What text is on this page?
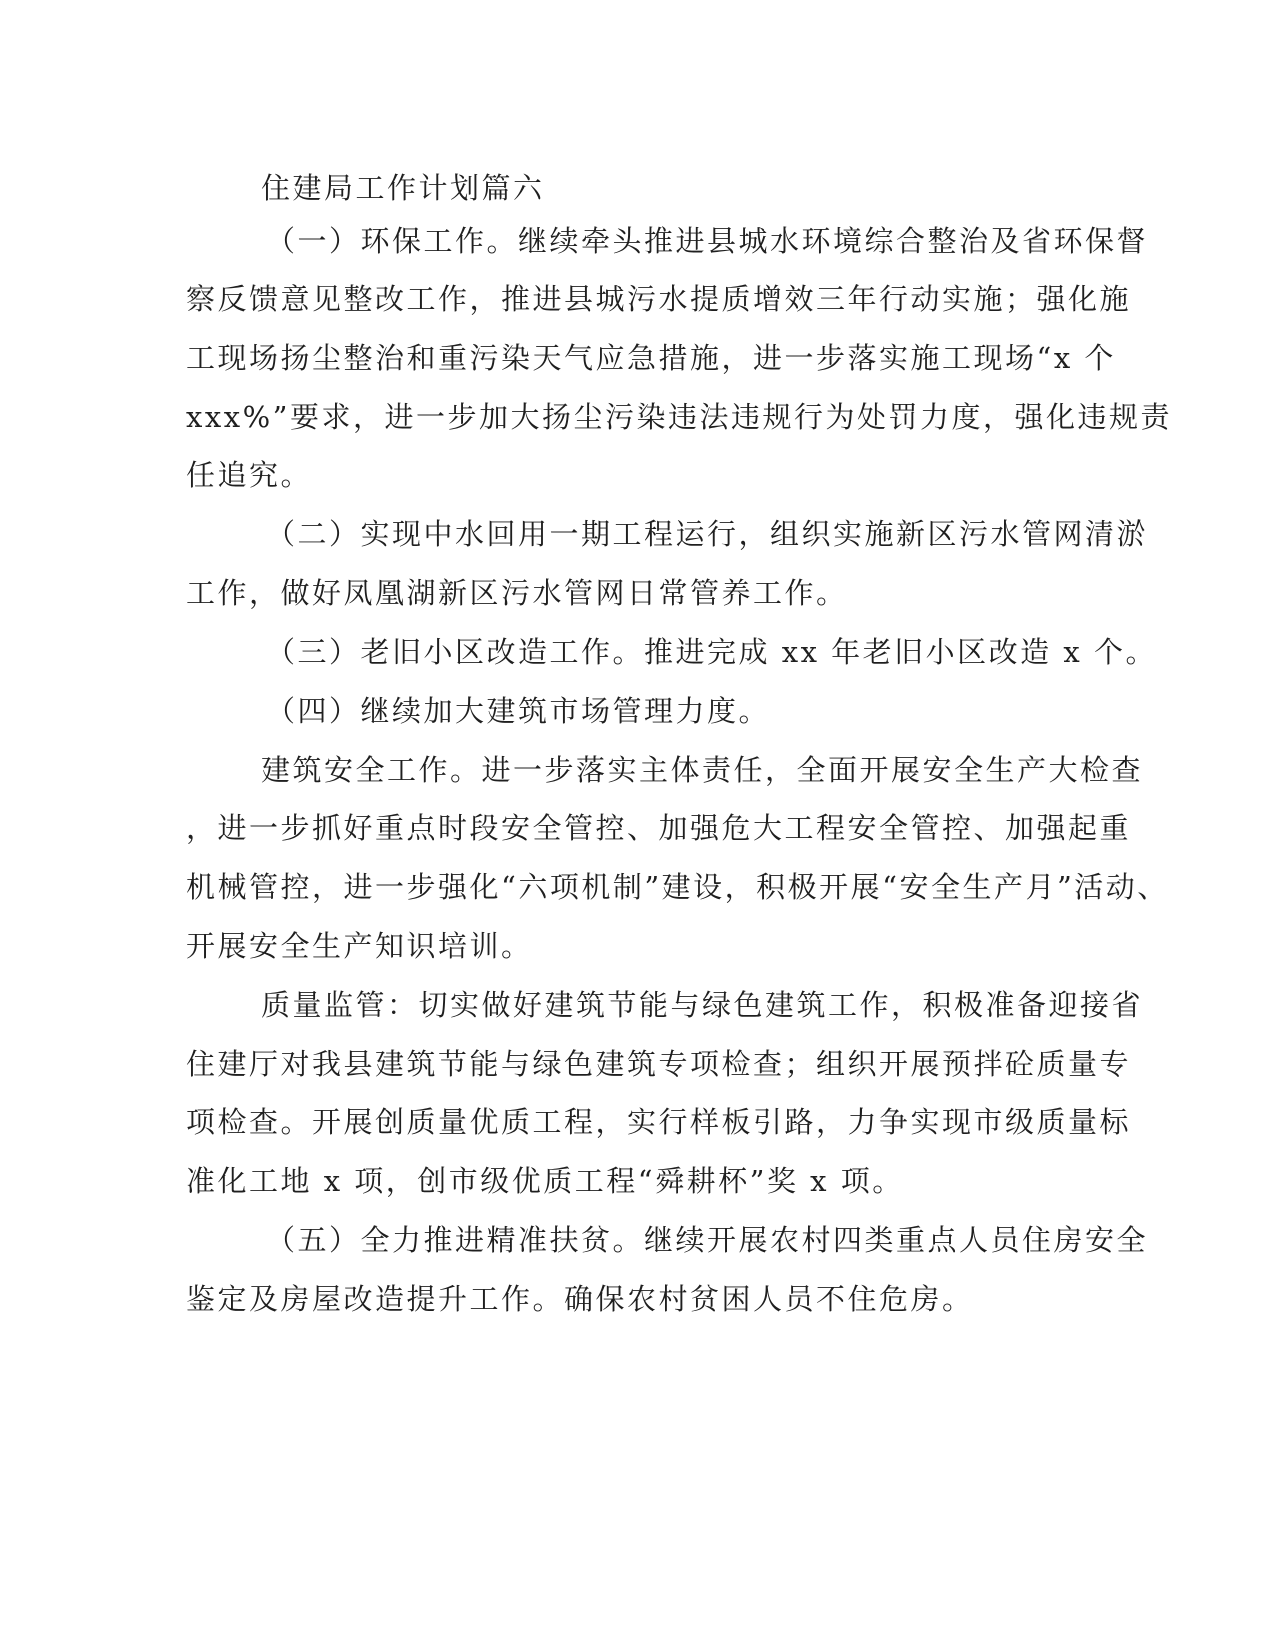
住建局工作计划篇六

（一）环保工作。继续牵头推进县城水环境综合整治及省环保督

察反馈意见整改工作，推进县城污水提质增效三年行动实施；强化施

工现场扬尘整治和重污染天气应急措施，进一步落实施工现场“x 个

xxx%”要求，进一步加大扬尘污染违法违规行为处罚力度，强化违规责

任追究。

（二）实现中水回用一期工程运行，组织实施新区污水管网清淤

工作，做好凤凰湖新区污水管网日常管养工作。

（三）老旧小区改造工作。推进完成 xx 年老旧小区改造 x 个。

（四）继续加大建筑市场管理力度。

建筑安全工作。进一步落实主体责任，全面开展安全生产大检查

，进一步抓好重点时段安全管控、加强危大工程安全管控、加强起重

机械管控，进一步强化“六项机制”建设，积极开展“安全生产月”活动、

开展安全生产知识培训。

质量监管：切实做好建筑节能与绿色建筑工作，积极准备迎接省

住建厅对我县建筑节能与绿色建筑专项检查；组织开展预拌砼质量专

项检查。开展创质量优质工程，实行样板引路，力争实现市级质量标

准化工地 x 项，创市级优质工程“舜耕杯”奖 x 项。

（五）全力推进精准扶贫。继续开展农村四类重点人员住房安全

鉴定及房屋改造提升工作。确保农村贫困人员不住危房。
